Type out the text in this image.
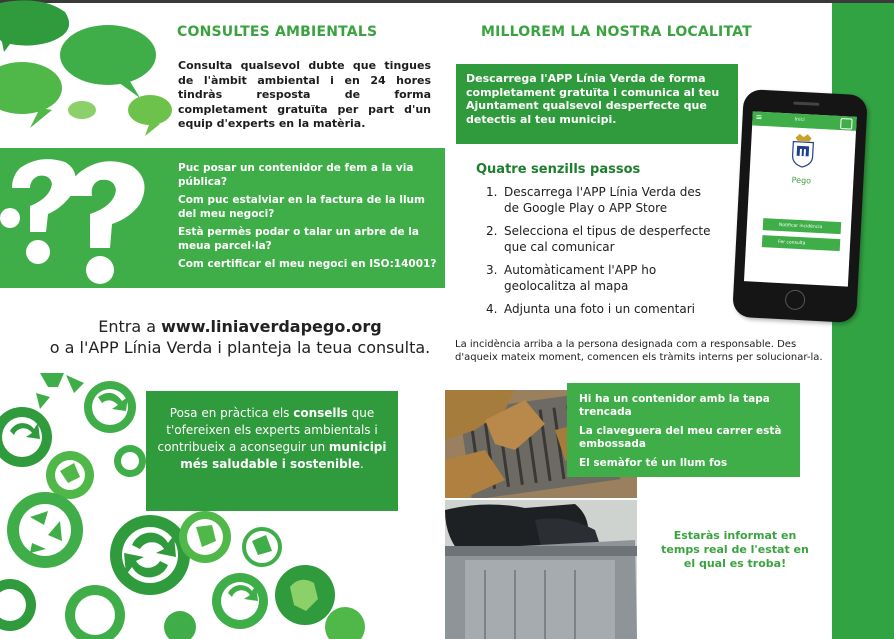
CONSULTES AMBIENTALS
Consulta qualsevol dubte que tingues de l'àmbit ambiental i en 24 hores tindràs resposta de forma completament gratuïta per part d'un equip d'experts en la matèria.

Puc posar un contenidor de fem a la via pública?

Com puc estalviar en la factura de la llum del meu negoci?

Està permès podar o talar un arbre de la meua parcel·la?

Com certificar el meu negoci en ISO:14001?

Entra a www.liniaverdapego.org
o a l'APP Línia Verda i planteja la teua consulta.
Posa en pràctica els consells que t'ofereixen els experts ambientals i contribueix a aconseguir un municipi més saludable i sostenible.
MILLOREM LA NOSTRA LOCALITAT
Descarrega l'APP Línia Verda de forma completament gratuïta i comunica al teu Ajuntament qualsevol desperfecte que detectis al teu municipi.
Quatre senzills passos
1. Descarrega l'APP Línia Verda des de Google Play o APP Store
2. Selecciona el tipus de desperfecte que cal comunicar
3. Automàticament l'APP ho geolocalitza al mapa
4. Adjunta una foto i un comentari
≡	Inici
Pego
Notificar incidència
Fer consulta
La incidència arriba a la persona designada com a responsable. Des d'aqueix mateix moment, comencen els tràmits interns per solucionar-la.

Hi ha un contenidor amb la tapa trencada

La claveguera del meu carrer està embossada

El semàfor té un llum fos

Estaràs informat en temps real de l'estat en el qual es troba!
